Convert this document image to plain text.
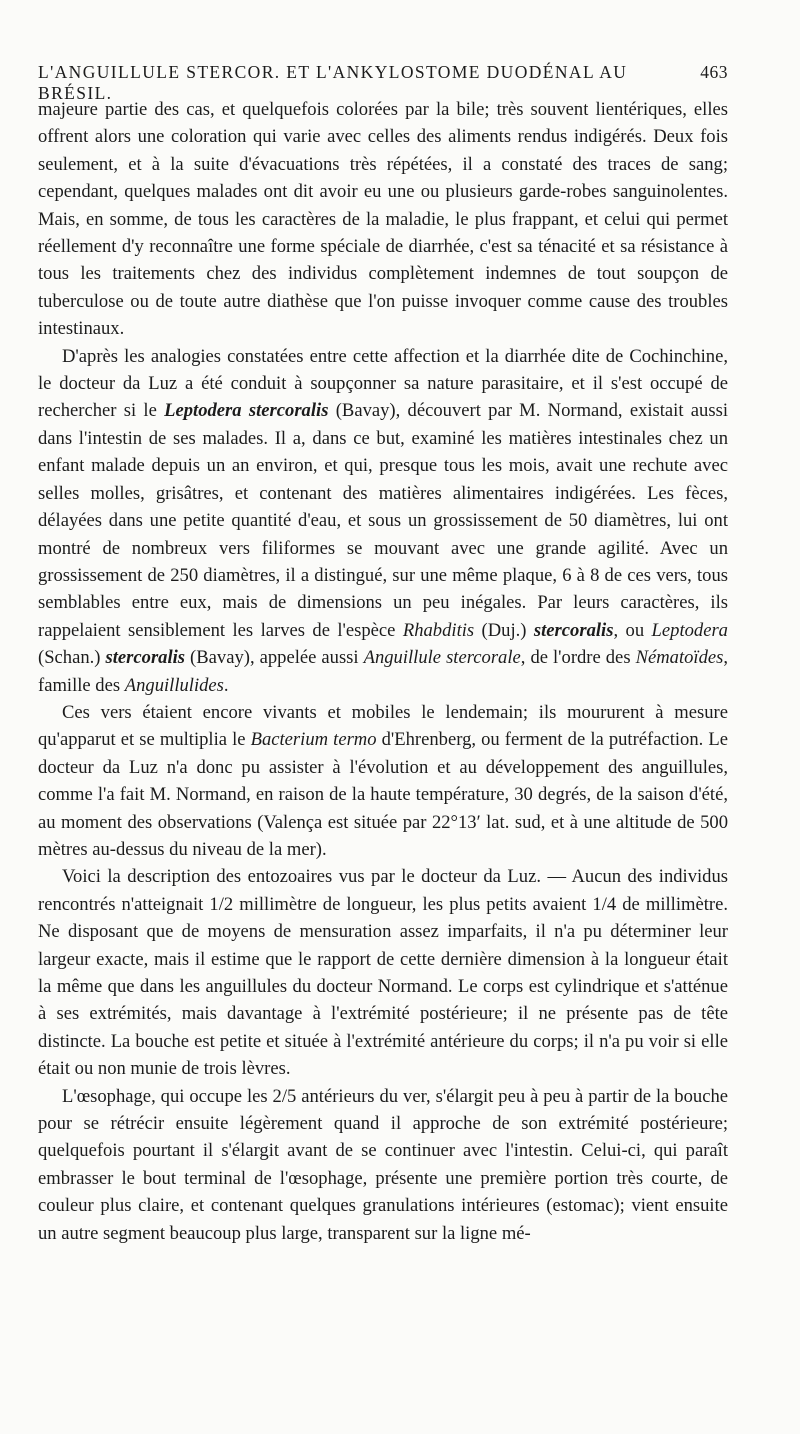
L'ANGUILLULE STERCOR. ET L'ANKYLOSTOME DUODÉNAL AU BRÉSIL.
463

majeure partie des cas, et quelquefois colorées par la bile; très souvent lientériques, elles offrent alors une coloration qui varie avec celles des aliments rendus indigérés. Deux fois seulement, et à la suite d'évacuations très répétées, il a constaté des traces de sang; cependant, quelques malades ont dit avoir eu une ou plusieurs garde-robes sanguinolentes. Mais, en somme, de tous les caractères de la maladie, le plus frappant, et celui qui permet réellement d'y reconnaître une forme spéciale de diarrhée, c'est sa ténacité et sa résistance à tous les traitements chez des individus complètement indemnes de tout soupçon de tuberculose ou de toute autre diathèse que l'on puisse invoquer comme cause des troubles intestinaux.

D'après les analogies constatées entre cette affection et la diarrhée dite de Cochinchine, le docteur da Luz a été conduit à soupçonner sa nature parasitaire, et il s'est occupé de rechercher si le Leptodera stercoralis (Bavay), découvert par M. Normand, existait aussi dans l'intestin de ses malades. Il a, dans ce but, examiné les matières intestinales chez un enfant malade depuis un an environ, et qui, presque tous les mois, avait une rechute avec selles molles, grisâtres, et contenant des matières alimentaires indigérées. Les fèces, délayées dans une petite quantité d'eau, et sous un grossissement de 50 diamètres, lui ont montré de nombreux vers filiformes se mouvant avec une grande agilité. Avec un grossissement de 250 diamètres, il a distingué, sur une même plaque, 6 à 8 de ces vers, tous semblables entre eux, mais de dimensions un peu inégales. Par leurs caractères, ils rappelaient sensiblement les larves de l'espèce Rhabditis (Duj.) stercoralis, ou Leptodera (Schan.) stercoralis (Bavay), appelée aussi Anguillule stercorale, de l'ordre des Nématoïdes, famille des Anguillulides.

Ces vers étaient encore vivants et mobiles le lendemain; ils moururent à mesure qu'apparut et se multiplia le Bacterium termo d'Ehrenberg, ou ferment de la putréfaction. Le docteur da Luz n'a donc pu assister à l'évolution et au développement des anguillules, comme l'a fait M. Normand, en raison de la haute température, 30 degrés, de la saison d'été, au moment des observations (Valença est située par 22°13′ lat. sud, et à une altitude de 500 mètres au-dessus du niveau de la mer).

Voici la description des entozoaires vus par le docteur da Luz. — Aucun des individus rencontrés n'atteignait 1/2 millimètre de longueur, les plus petits avaient 1/4 de millimètre. Ne disposant que de moyens de mensuration assez imparfaits, il n'a pu déterminer leur largeur exacte, mais il estime que le rapport de cette dernière dimension à la longueur était la même que dans les anguillules du docteur Normand. Le corps est cylindrique et s'atténue à ses extrémités, mais davantage à l'extrémité postérieure; il ne présente pas de tête distincte. La bouche est petite et située à l'extrémité antérieure du corps; il n'a pu voir si elle était ou non munie de trois lèvres.

L'œsophage, qui occupe les 2/5 antérieurs du ver, s'élargit peu à peu à partir de la bouche pour se rétrécir ensuite légèrement quand il approche de son extrémité postérieure; quelquefois pourtant il s'élargit avant de se continuer avec l'intestin. Celui-ci, qui paraît embrasser le bout terminal de l'œsophage, présente une première portion très courte, de couleur plus claire, et contenant quelques granulations intérieures (estomac); vient ensuite un autre segment beaucoup plus large, transparent sur la ligne mé-
